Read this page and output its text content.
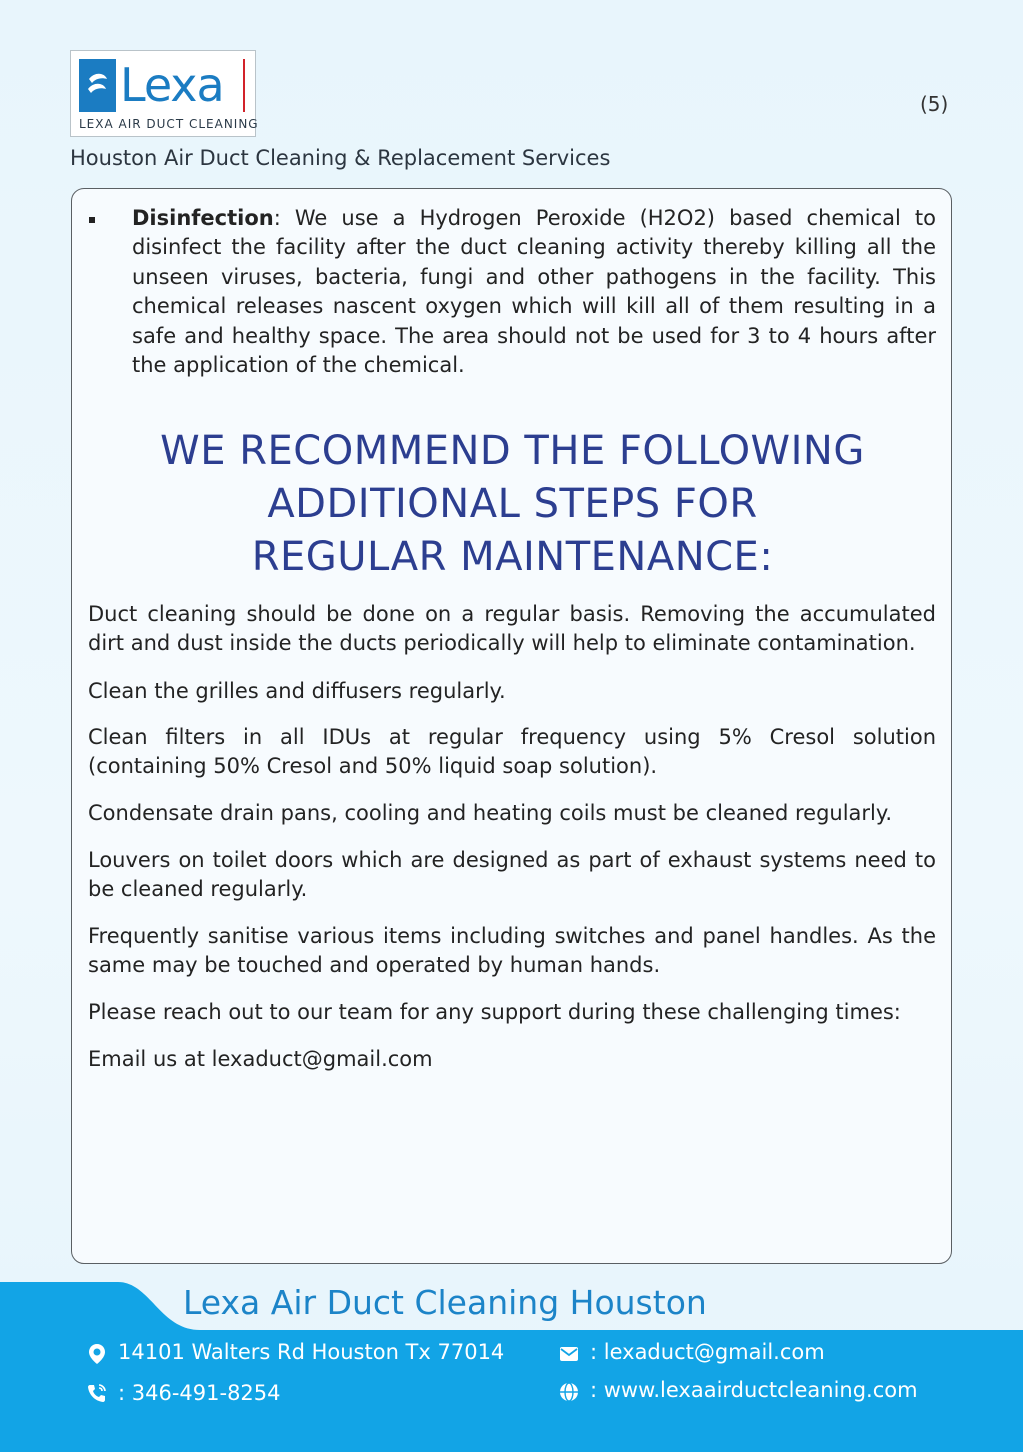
Lexa
LEXA AIR DUCT CLEANING
(5)
Houston Air Duct Cleaning & Replacement Services
Disinfection: We use a Hydrogen Peroxide (H2O2) based chemical to disinfect the facility after the duct cleaning activity thereby killing all the unseen viruses, bacteria, fungi and other pathogens in the facility. This chemical releases nascent oxygen which will kill all of them resulting in a safe and healthy space. The area should not be used for 3 to 4 hours after the application of the chemical.
WE RECOMMEND THE FOLLOWING
ADDITIONAL STEPS FOR
REGULAR MAINTENANCE:
Duct cleaning should be done on a regular basis. Removing the accumulated dirt and dust inside the ducts periodically will help to eliminate contamination.
Clean the grilles and diffusers regularly.
Clean filters in all IDUs at regular frequency using 5% Cresol solution (containing 50% Cresol and 50% liquid soap solution).
Condensate drain pans, cooling and heating coils must be cleaned regularly.
Louvers on toilet doors which are designed as part of exhaust systems need to be cleaned regularly.
Frequently sanitise various items including switches and panel handles. As the same may be touched and operated by human hands.
Please reach out to our team for any support during these challenging times:
Email us at lexaduct@gmail.com
Lexa Air Duct Cleaning Houston
14101 Walters Rd Houston Tx 77014
: 346-491-8254
: lexaduct@gmail.com
: www.lexaairductcleaning.com
